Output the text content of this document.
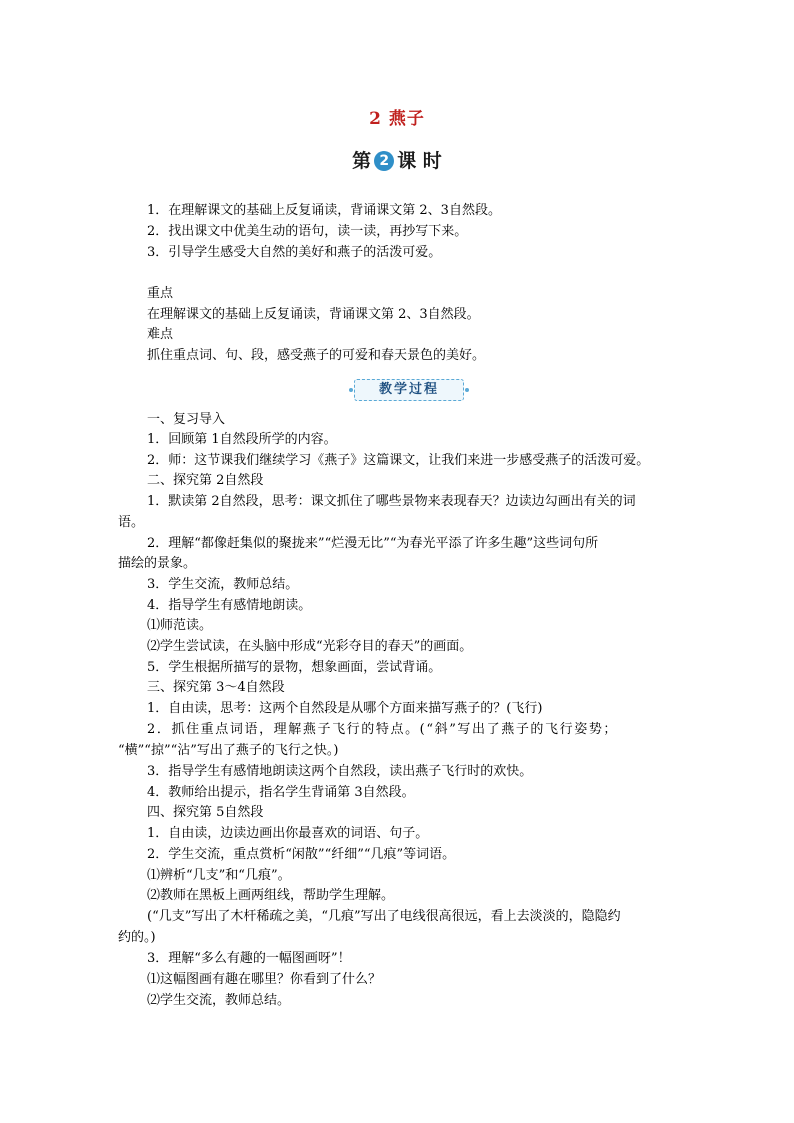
2 燕子
第 2 课 时
1．在理解课文的基础上反复诵读，背诵课文第 2、3自然段。
2．找出课文中优美生动的语句，读一读，再抄写下来。
3．引导学生感受大自然的美好和燕子的活泼可爱。
重点
在理解课文的基础上反复诵读，背诵课文第 2、3自然段。
难点
抓住重点词、句、段，感受燕子的可爱和春天景色的美好。
教学过程
一、复习导入
1．回顾第 1自然段所学的内容。
2．师：这节课我们继续学习《燕子》这篇课文，让我们来进一步感受燕子的活泼可爱。
二、探究第 2自然段
1．默读第 2自然段，思考：课文抓住了哪些景物来表现春天？边读边勾画出有关的词
语。
2．理解“都像赶集似的聚拢来”“烂漫无比”“为春光平添了许多生趣”这些词句所
描绘的景象。
3．学生交流，教师总结。
4．指导学生有感情地朗读。
⑴师范读。
⑵学生尝试读，在头脑中形成“光彩夺目的春天”的画面。
5．学生根据所描写的景物，想象画面，尝试背诵。
三、探究第 3～4自然段
1．自由读，思考：这两个自然段是从哪个方面来描写燕子的？(飞行)
2．抓住重点词语，理解燕子飞行的特点。(“斜”写出了燕子的飞行姿势；
“横”“掠”“沾”写出了燕子的飞行之快。)
3．指导学生有感情地朗读这两个自然段，读出燕子飞行时的欢快。
4．教师给出提示，指名学生背诵第 3自然段。
四、探究第 5自然段
1．自由读，边读边画出你最喜欢的词语、句子。
2．学生交流，重点赏析“闲散”“纤细”“几痕”等词语。
⑴辨析“几支”和“几痕”。
⑵教师在黑板上画两组线，帮助学生理解。
(“几支”写出了木杆稀疏之美，“几痕”写出了电线很高很远，看上去淡淡的，隐隐约
约的。)
3．理解“多么有趣的一幅图画呀”！
⑴这幅图画有趣在哪里？你看到了什么？
⑵学生交流，教师总结。
